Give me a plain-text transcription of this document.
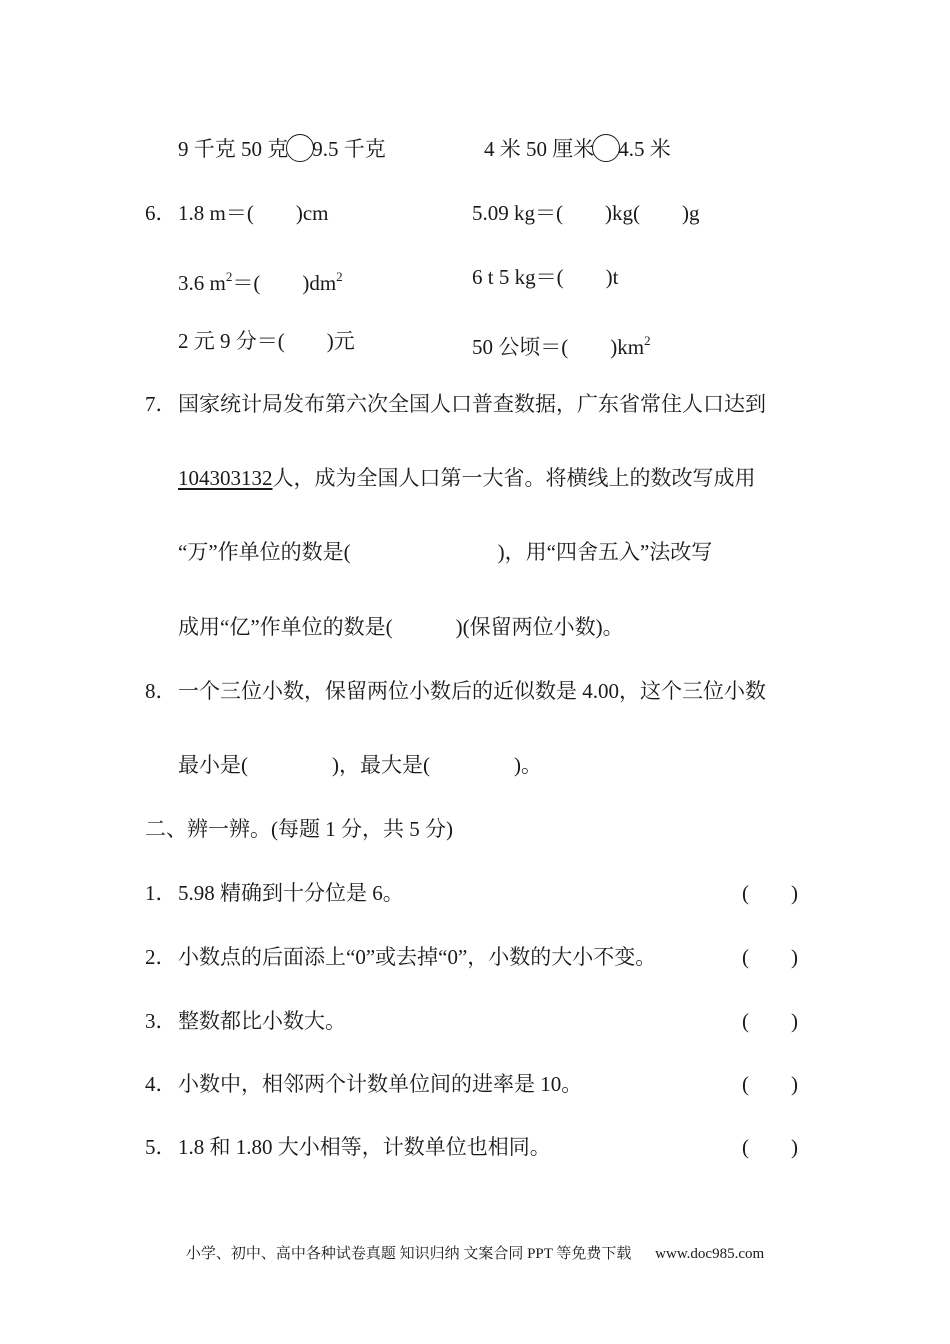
9 千克 50 克 9.5 千克	4 米 50 厘米 4.5 米
6． 1.8 m＝(　　)cm	5.09 kg＝(　　)kg(　　)g
3.6 $m^2=$(　　)$dm^2$	6 t 5 kg＝(　　)t
2 元 9 分＝(　　)元	50 公顷＝(　　)$km^2$
7． 国家统计局发布第六次全国人口普查数据，广东省常住人口达到
104303132人，成为全国人口第一大省。将横线上的数改写成用
“万”作单位的数是(　　　　　　　)，用“四舍五入”法改写
成用“亿”作单位的数是(　　　)(保留两位小数)。
8． 一个三位小数，保留两位小数后的近似数是 4.00，这个三位小数
最小是(　　　　)，最大是(　　　　)。
二、辨一辨。(每题 1 分，共 5 分)
1． 5.98 精确到十分位是 6。	(　　)
2． 小数点的后面添上“0”或去掉“0”，小数的大小不变。	(　　)
3． 整数都比小数大。	(　　)
4． 小数中，相邻两个计数单位间的进率是 10。	(　　)
5． 1.8 和 1.80 大小相等，计数单位也相同。	(　　)
小学、初中、高中各种试卷真题 知识归纳 文案合同 PPT 等免费下载 www.doc985.com
